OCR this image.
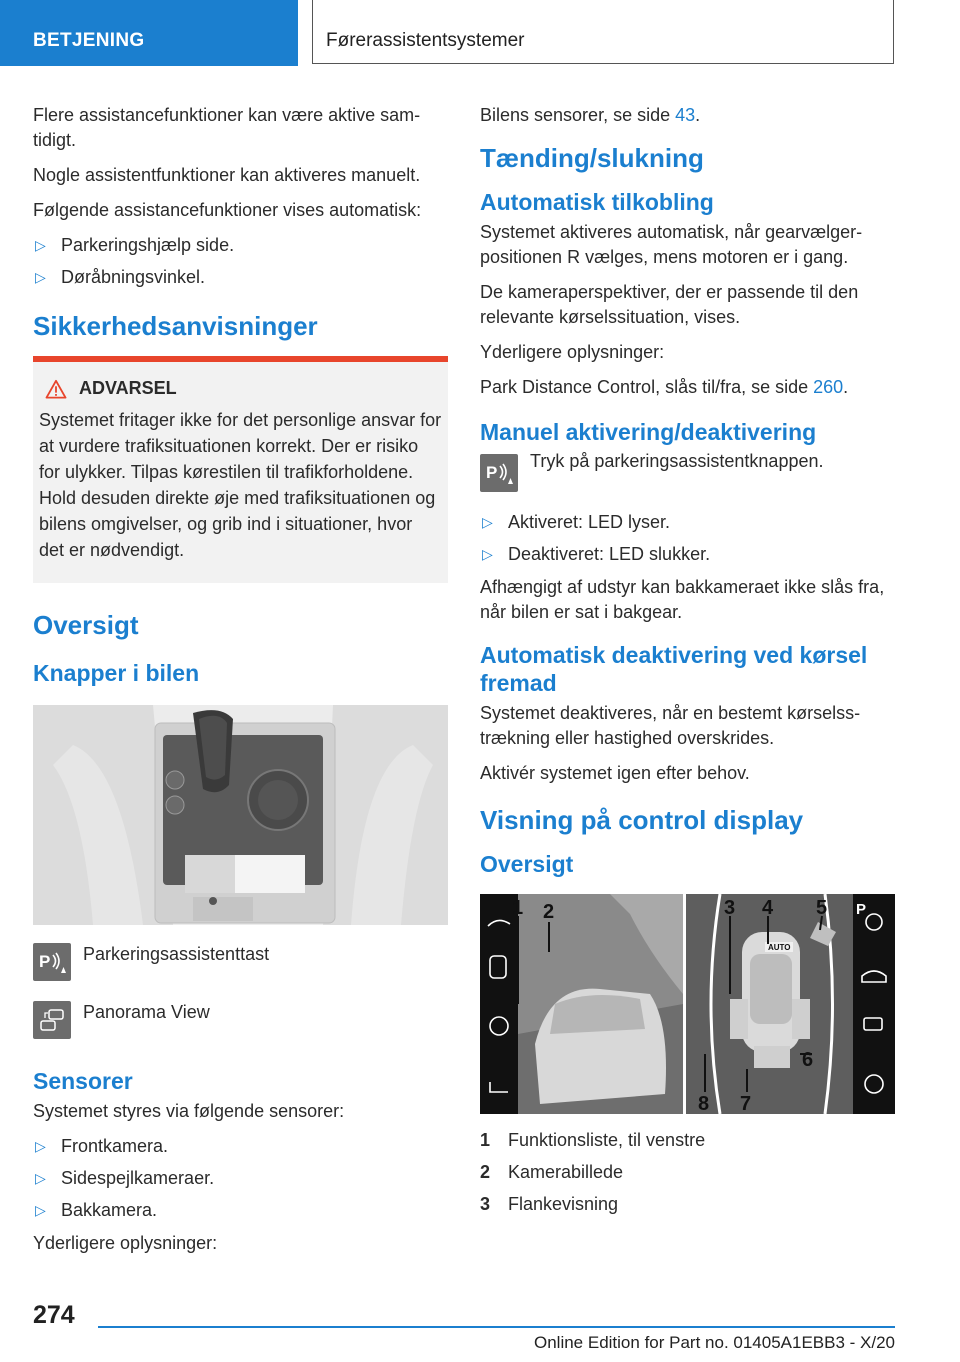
BETJENING	Førerassistentsystemer

Flere assistancefunktioner kan være aktive samtidigt.

Nogle assistentfunktioner kan aktiveres manuelt.

Følgende assistancefunktioner vises automatisk:

▷ Parkeringshjælp side.
▷ Døråbningsvinkel.
Sikkerhedsanvisninger
ADVARSEL

Systemet fritager ikke for det personlige ansvar for at vurdere trafiksituationen korrekt. Der er risiko for ulykker. Tilpas kørestilen til trafikforholdene. Hold desuden direkte øje med trafiksituationen og bilens omgivelser, og grib ind i situationer, hvor det er nødvendigt.

Oversigt
Knapper i bilen
P Parkeringsassistenttast
Panorama View
Sensorer

Systemet styres via følgende sensorer:

▷ Frontkamera.
▷ Sidespejlkameraer.
▷ Bakkamera.

Yderligere oplysninger:

Bilens sensorer, se side 43.

Tænding/slukning
Automatisk tilkobling

Systemet aktiveres automatisk, når gearvælgerpositionen R vælges, mens motoren er i gang.

De kameraperspektiver, der er passende til den relevante kørselssituation, vises.

Yderligere oplysninger:

Park Distance Control, slås til/fra, se side 260.

Manuel aktivering/deaktivering
P
Tryk på parkeringsassistentknappen.
▷ Aktiveret: LED lyser.
▷ Deaktiveret: LED slukker.

Afhængigt af udstyr kan bakkameraet ikke slås fra, når bilen er sat i bakgear.

Automatisk deaktivering ved kørsel fremad

Systemet deaktiveres, når en bestemt kørselsstrækning eller hastighed overskrides.

Aktivér systemet igen efter behov.

Visning på control display
Oversigt
P
AUTO
1 2	3 4 5
6
7
8
1 Funktionsliste, til venstre
2 Kamerabillede
3 Flankevisning
274
Online Edition for Part no. 01405A1EBB3 - X/20
